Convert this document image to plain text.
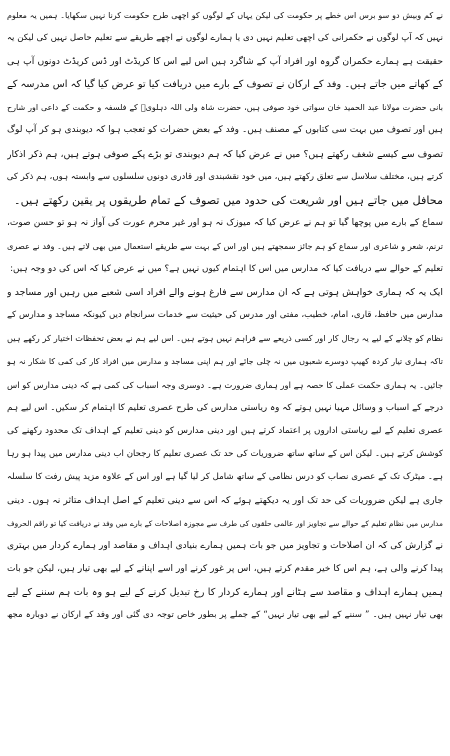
نے کم وبیش دو سو برس اس خطے پر حکومت کی لیکن یہاں کے لوگوں کو اچھی طرح حکومت کرنا نہیں سکھایا۔ ہمیں یہ معلوم
نہیں کہ آپ لوگوں نے حکمرانی کی اچھی تعلیم نہیں دی یا ہمارے لوگوں نے اچھے طریقے سے تعلیم حاصل نہیں کی لیکن یہ
حقیقت ہے ہمارے حکمران گروہ اور افراد آپ کے شاگرد ہیں اس لیے اس کا کریڈٹ اور ڈس کریڈٹ دونوں آپ ہی
کے کھاتے میں جاتے ہیں۔ وفد کے ارکان نے تصوف کے بارے میں دریافت کیا تو عرض کیا گیا کہ اس مدرسہ کے
بانی حضرت مولانا عبد الحمید خان سواتی خود صوفی ہیں، حضرت شاہ ولی اللہ دہلویؒ کے فلسفہ و حکمت کے داعی اور شارح
ہیں اور تصوف میں بہت سی کتابوں کے مصنف ہیں۔ وفد کے بعض حضرات کو تعجب ہوا کہ دیوبندی ہو کر آپ لوگ
تصوف سے کیسے شغف رکھتے ہیں؟ میں نے عرض کیا کہ ہم دیوبندی تو بڑے پکے صوفی ہوتے ہیں، ہم ذکر اذکار
کرتے ہیں، مختلف سلاسل سے تعلق رکھتے ہیں، میں خود نقشبندی اور قادری دونوں سلسلوں سے وابستہ ہوں، ہم ذکر کی
محافل میں جاتے ہیں اور شریعت کی حدود میں تصوف کے تمام طریقوں پر یقین رکھتے ہیں۔

سماع کے بارے میں پوچھا گیا تو ہم نے عرض کیا کہ میوزک نہ ہو اور غیر محرم عورت کی آواز نہ ہو تو حسن صوت،
ترنم، شعر و شاعری اور سماع کو ہم جائز سمجھتے ہیں اور اس کے بہت سے طریقے استعمال میں بھی لاتے ہیں۔ وفد نے عصری
تعلیم کے حوالے سے دریافت کیا کہ مدارس میں اس کا اہتمام کیوں نہیں ہے؟ میں نے عرض کیا کہ اس کی دو وجہ ہیں:

ایک یہ کہ ہماری خواہش ہوتی ہے کہ ان مدارس سے فارغ ہونے والے افراد اسی شعبے میں رہیں اور مساجد و
مدارس میں حافظ، قاری، امام، خطیب، مفتی اور مدرس کی حیثیت سے خدمات سرانجام دیں کیونکہ مساجد و مدارس کے
نظام کو چلانے کے لیے یہ رجال کار اور کسی ذریعے سے فراہم نہیں ہوتے ہیں۔ اس لیے ہم نے بعض تحفظات اختیار کر رکھے ہیں
تاکہ ہماری تیار کردہ کھیپ دوسرے شعبوں میں نہ چلی جائے اور ہم اپنی مساجد و مدارس میں افراد کار کی کمی کا شکار نہ ہو
جائیں۔ یہ ہماری حکمت عملی کا حصہ ہے اور ہماری ضرورت ہے۔ دوسری وجہ اسباب کی کمی ہے کہ دینی مدارس کو اس
درجے کے اسباب و وسائل مہیا نہیں ہوتے کہ وہ ریاستی مدارس کی طرح عصری تعلیم کا اہتمام کر سکیں۔ اس لیے ہم
عصری تعلیم کے لیے ریاستی اداروں پر اعتماد کرتے ہیں اور دینی مدارس کو دینی تعلیم کے اہداف تک محدود رکھنے کی
کوشش کرتے ہیں۔ لیکن اس کے ساتھ ساتھ ضروریات کی حد تک عصری تعلیم کا رجحان اب دینی مدارس میں پیدا ہو رہا
ہے۔ میٹرک تک کے عصری نصاب کو درس نظامی کے ساتھ شامل کر لیا گیا ہے اور اس کے علاوہ مزید پیش رفت کا سلسلہ
جاری ہے لیکن ضروریات کی حد تک اور یہ دیکھتے ہوئے کہ اس سے دینی تعلیم کے اصل اہداف متاثر نہ ہوں۔ دینی
مدارس میں نظام تعلیم کے حوالے سے تجاویز اور عالمی حلقوں کی طرف سے مجوزہ اصلاحات کے بارے میں وفد نے دریافت کیا تو راقم الحروف
نے گزارش کی کہ ان اصلاحات و تجاویز میں جو بات ہمیں ہمارے بنیادی اہداف و مقاصد اور ہمارے کردار میں بہتری
پیدا کرنے والی ہے، ہم اس کا خیر مقدم کرتے ہیں، اس پر غور کرنے اور اسے اپنانے کے لیے بھی تیار ہیں، لیکن جو بات
ہمیں ہمارے اہداف و مقاصد سے ہٹانے اور ہمارے کردار کا رخ تبدیل کرنے کے لیے ہو وہ بات ہم سننے کے لیے
بھی تیار نہیں ہیں۔ ” سننے کے لیے بھی تیار نہیں“ کے جملے پر بطور خاص توجہ دی گئی اور وفد کے ارکان نے دوبارہ مجھ
